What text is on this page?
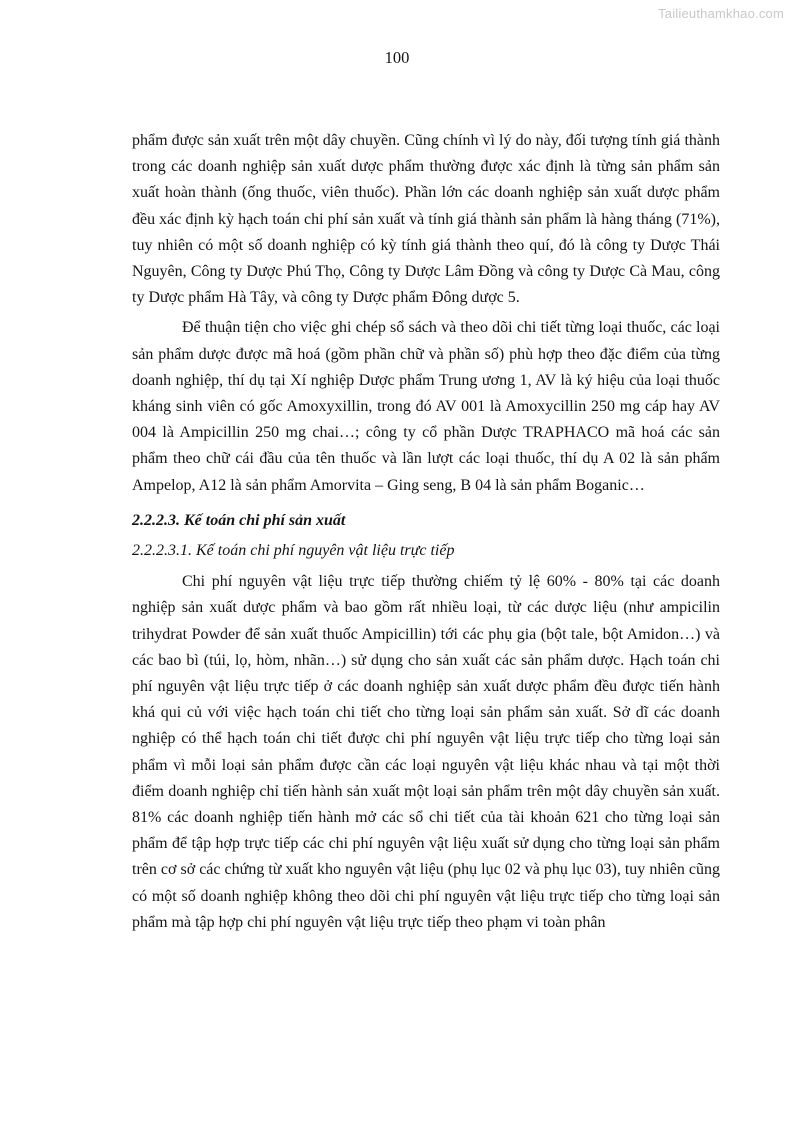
Tailieuthamkhao.com
100

phẩm được sản xuất trên một dây chuyền. Cũng chính vì lý do này, đối tượng tính giá thành trong các doanh nghiệp sản xuất dược phẩm thường được xác định là từng sản phẩm sản xuất hoàn thành (ống thuốc, viên thuốc). Phần lớn các doanh nghiệp sản xuất dược phẩm đều xác định kỳ hạch toán chi phí sản xuất và tính giá thành sản phẩm là hàng tháng (71%), tuy nhiên có một số doanh nghiệp có kỳ tính giá thành theo quí, đó là công ty Dược Thái Nguyên, Công ty Dược Phú Thọ, Công ty Dược Lâm Đồng và công ty Dược Cà Mau, công ty Dược phẩm Hà Tây, và công ty Dược phẩm Đông dược 5.

Để thuận tiện cho việc ghi chép sổ sách và theo dõi chi tiết từng loại thuốc, các loại sản phẩm dược được mã hoá (gồm phần chữ và phần số) phù hợp theo đặc điểm của từng doanh nghiệp, thí dụ tại Xí nghiệp Dược phẩm Trung ương 1, AV là ký hiệu của loại thuốc kháng sinh viên có gốc Amoxyxillin, trong đó AV 001 là Amoxycillin 250 mg cáp hay AV 004 là Ampicillin 250 mg chai…; công ty cổ phần Dược TRAPHACO mã hoá các sản phẩm theo chữ cái đầu của tên thuốc và lần lượt các loại thuốc, thí dụ A 02 là sản phẩm Ampelop, A12 là sản phẩm Amorvita – Ging seng, B 04 là sản phẩm Boganic…

2.2.2.3. Kế toán chi phí sản xuất

2.2.2.3.1. Kế toán chi phí nguyên vật liệu trực tiếp

Chi phí nguyên vật liệu trực tiếp thường chiếm tỷ lệ 60% - 80% tại các doanh nghiệp sản xuất dược phẩm và bao gồm rất nhiều loại, từ các dược liệu (như ampicilin trihydrat Powder để sản xuất thuốc Ampicillin) tới các phụ gia (bột tale, bột Amidon…) và các bao bì (túi, lọ, hòm, nhãn…) sử dụng cho sản xuất các sản phẩm dược. Hạch toán chi phí nguyên vật liệu trực tiếp ở các doanh nghiệp sản xuất dược phẩm đều được tiến hành khá qui củ với việc hạch toán chi tiết cho từng loại sản phẩm sản xuất. Sở dĩ các doanh nghiệp có thể hạch toán chi tiết được chi phí nguyên vật liệu trực tiếp cho từng loại sản phẩm vì mỗi loại sản phẩm được cần các loại nguyên vật liệu khác nhau và tại một thời điểm doanh nghiệp chỉ tiến hành sản xuất một loại sản phẩm trên một dây chuyền sản xuất. 81% các doanh nghiệp tiến hành mở các sổ chi tiết của tài khoản 621 cho từng loại sản phẩm để tập hợp trực tiếp các chi phí nguyên vật liệu xuất sử dụng cho từng loại sản phẩm trên cơ sở các chứng từ xuất kho nguyên vật liệu (phụ lục 02 và phụ lục 03), tuy nhiên cũng có một số doanh nghiệp không theo dõi chi phí nguyên vật liệu trực tiếp cho từng loại sản phẩm mà tập hợp chi phí nguyên vật liệu trực tiếp theo phạm vi toàn phân
